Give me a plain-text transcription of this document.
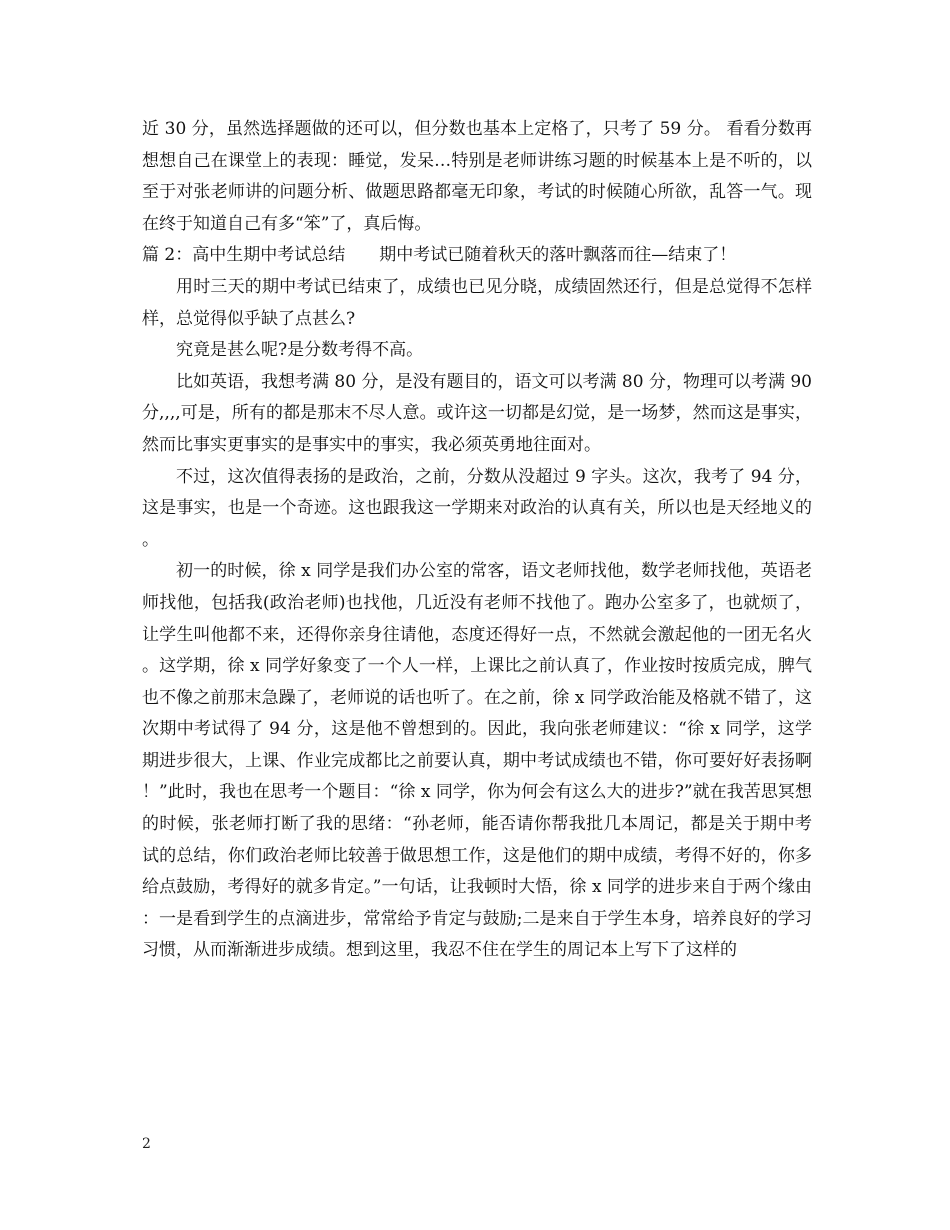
近 30 分，虽然选择题做的还可以，但分数也基本上定格了，只考了 59 分。 看看分数再想想自己在课堂上的表现：睡觉，发呆…特别是老师讲练习题的时候基本上是不听的，以至于对张老师讲的问题分析、做题思路都毫无印象，考试的时候随心所欲，乱答一气。现在终于知道自己有多“笨”了，真后悔。

篇 2：高中生期中考试总结　　期中考试已随着秋天的落叶飘落而往—结束了！

用时三天的期中考试已结束了，成绩也已见分晓，成绩固然还行，但是总觉得不怎样样，总觉得似乎缺了点甚么?

究竟是甚么呢?是分数考得不高。

比如英语，我想考满 80 分，是没有题目的，语文可以考满 80 分，物理可以考满 90 分,,,,可是，所有的都是那末不尽人意。或许这一切都是幻觉，是一场梦，然而这是事实，然而比事实更事实的是事实中的事实，我必须英勇地往面对。

不过，这次值得表扬的是政治，之前，分数从没超过 9 字头。这次，我考了 94 分，这是事实，也是一个奇迹。这也跟我这一学期来对政治的认真有关，所以也是天经地义的。

初一的时候，徐 x 同学是我们办公室的常客，语文老师找他，数学老师找他，英语老师找他，包括我(政治老师)也找他，几近没有老师不找他了。跑办公室多了，也就烦了，让学生叫他都不来，还得你亲身往请他，态度还得好一点，不然就会激起他的一团无名火。这学期，徐 x 同学好象变了一个人一样，上课比之前认真了，作业按时按质完成，脾气也不像之前那末急躁了，老师说的话也听了。在之前，徐 x 同学政治能及格就不错了，这次期中考试得了 94 分，这是他不曾想到的。因此，我向张老师建议：“徐 x 同学，这学期进步很大，上课、作业完成都比之前要认真，期中考试成绩也不错，你可要好好表扬啊！”此时，我也在思考一个题目：“徐 x 同学，你为何会有这么大的进步?”就在我苦思冥想的时候，张老师打断了我的思绪：“孙老师，能否请你帮我批几本周记，都是关于期中考试的总结，你们政治老师比较善于做思想工作，这是他们的期中成绩，考得不好的，你多给点鼓励，考得好的就多肯定。”一句话，让我顿时大悟，徐 x 同学的进步来自于两个缘由：一是看到学生的点滴进步，常常给予肯定与鼓励;二是来自于学生本身，培养良好的学习习惯，从而渐渐进步成绩。想到这里，我忍不住在学生的周记本上写下了这样的

2
